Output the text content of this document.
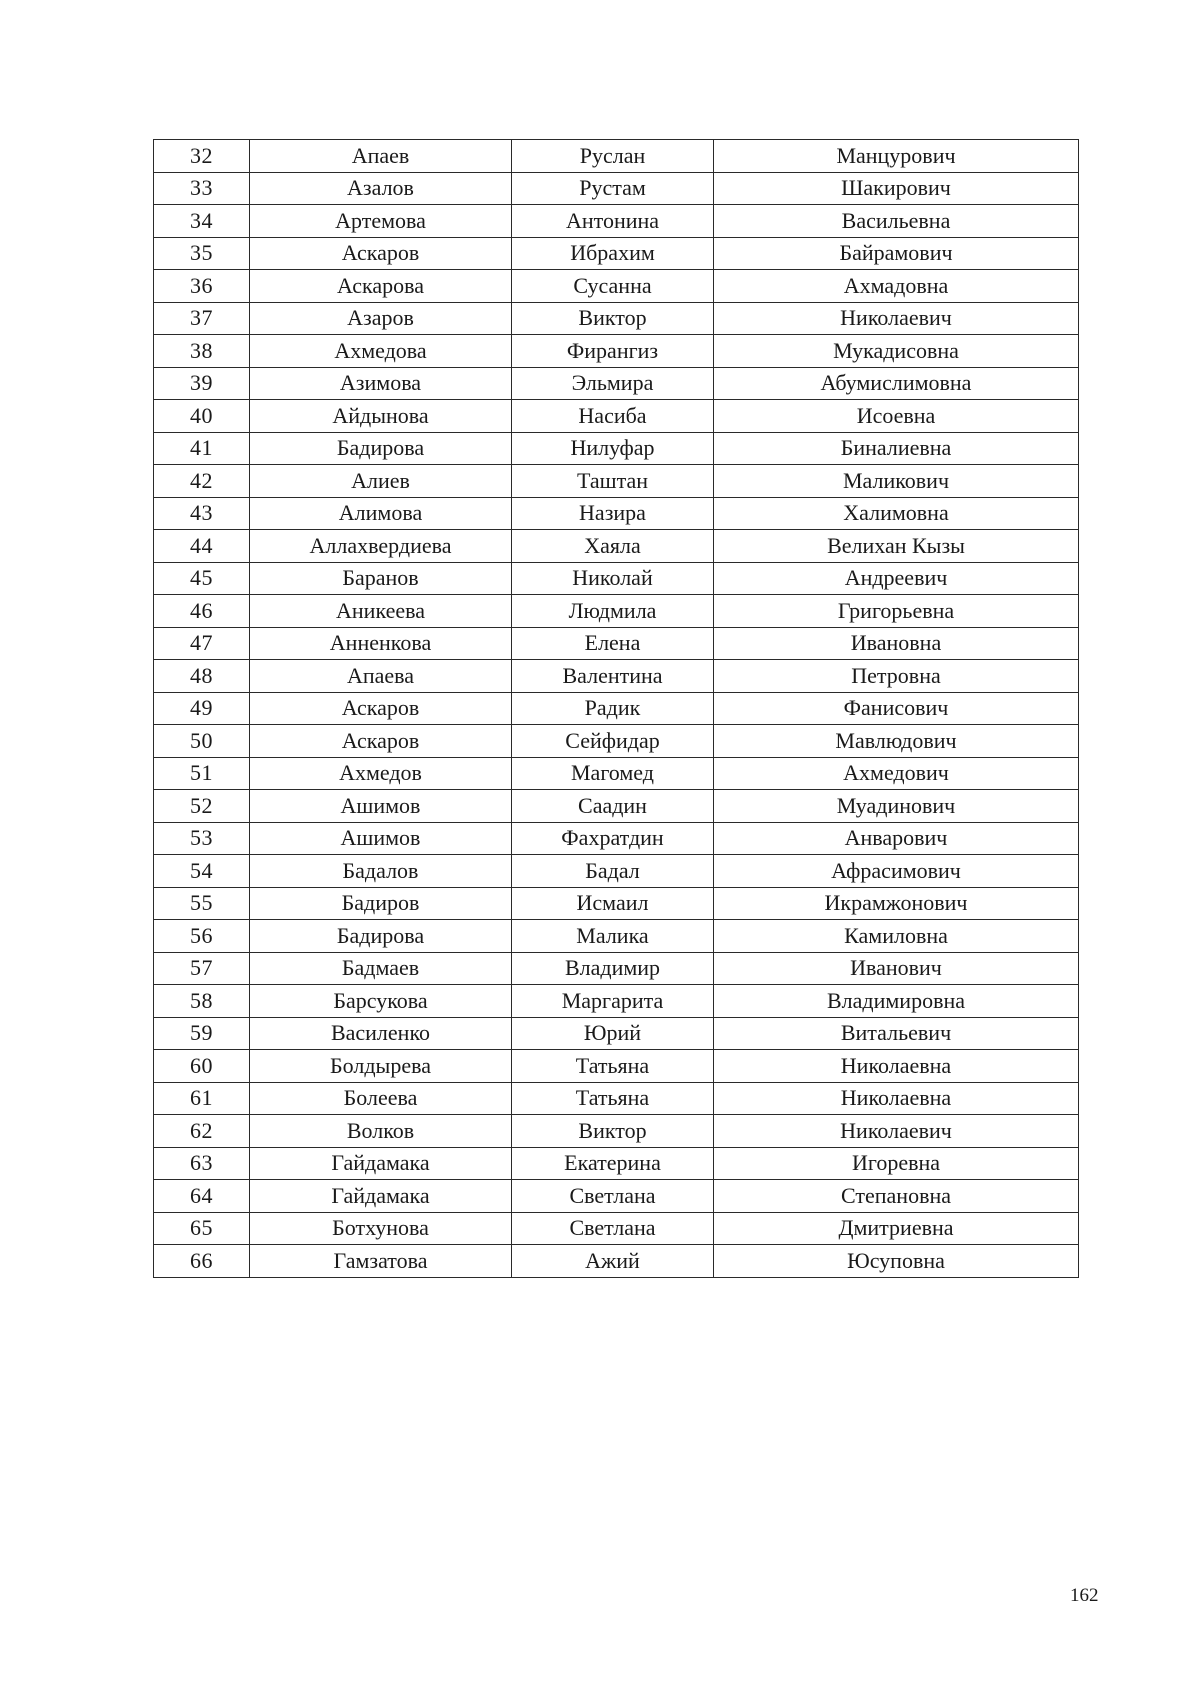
32	Апаев	Руслан	Манцурович
33	Азалов	Рустам	Шакирович
34	Артемова	Антонина	Васильевна
35	Аскаров	Ибрахим	Байрамович
36	Аскарова	Сусанна	Ахмадовна
37	Азаров	Виктор	Николаевич
38	Ахмедова	Фирангиз	Мукадисовна
39	Азимова	Эльмира	Абумислимовна
40	Айдынова	Насиба	Исоевна
41	Бадирова	Нилуфар	Биналиевна
42	Алиев	Таштан	Маликович
43	Алимова	Назира	Халимовна
44	Аллахвердиева	Хаяла	Велихан Кызы
45	Баранов	Николай	Андреевич
46	Аникеева	Людмила	Григорьевна
47	Анненкова	Елена	Ивановна
48	Апаева	Валентина	Петровна
49	Аскаров	Радик	Фанисович
50	Аскаров	Сейфидар	Мавлюдович
51	Ахмедов	Магомед	Ахмедович
52	Ашимов	Саадин	Муадинович
53	Ашимов	Фахратдин	Анварович
54	Бадалов	Бадал	Афрасимович
55	Бадиров	Исмаил	Икрамжонович
56	Бадирова	Малика	Камиловна
57	Бадмаев	Владимир	Иванович
58	Барсукова	Маргарита	Владимировна
59	Василенко	Юрий	Витальевич
60	Болдырева	Татьяна	Николаевна
61	Болеева	Татьяна	Николаевна
62	Волков	Виктор	Николаевич
63	Гайдамака	Екатерина	Игоревна
64	Гайдамака	Светлана	Степановна
65	Ботхунова	Светлана	Дмитриевна
66	Гамзатова	Ажий	Юсуповна
162
